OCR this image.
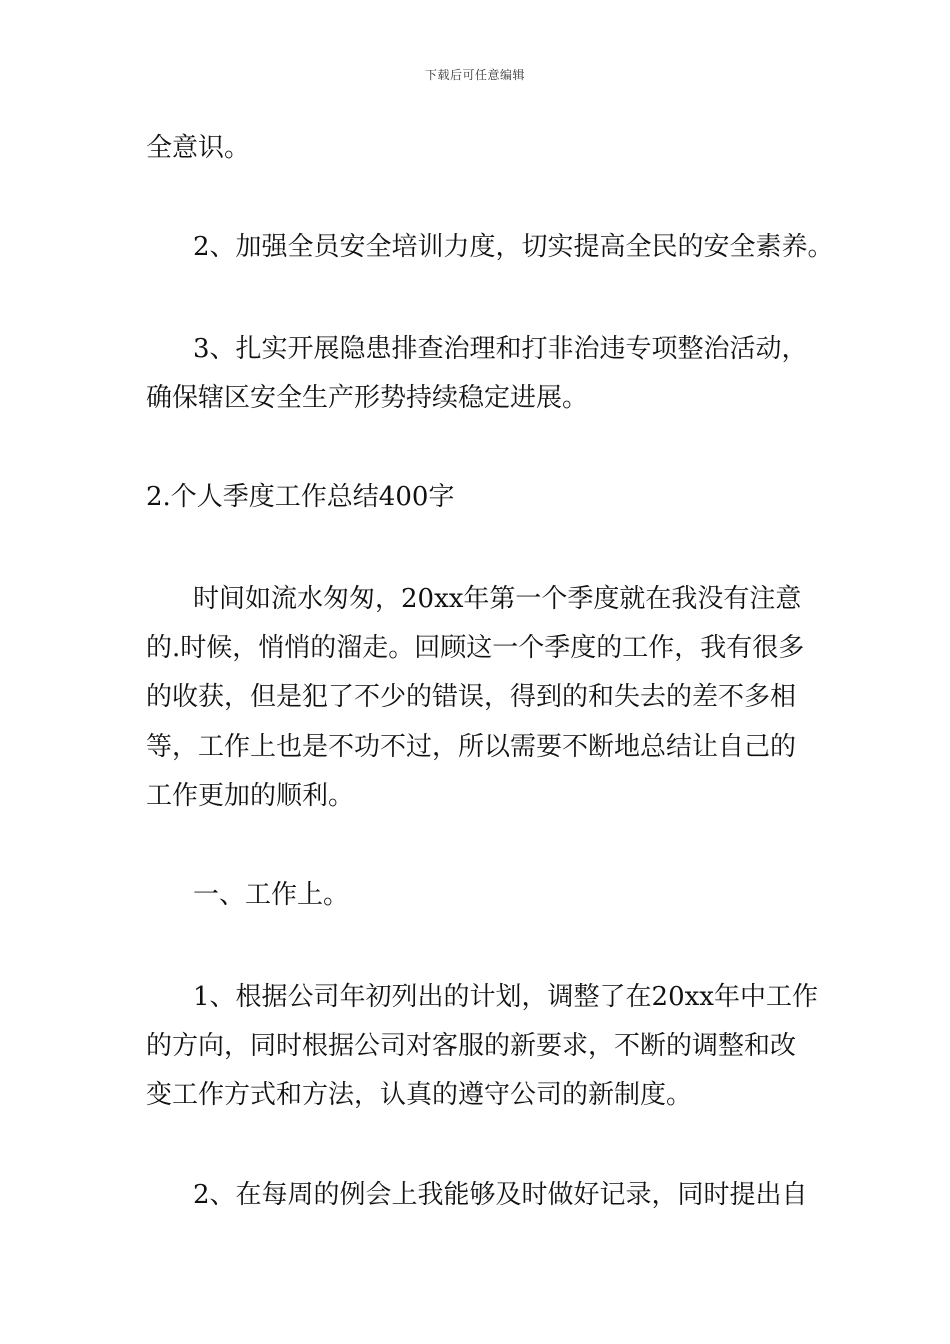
下载后可任意编辑
全意识。
2、加强全员安全培训力度，切实提高全民的安全素养。
3、扎实开展隐患排查治理和打非治违专项整治活动，
确保辖区安全生产形势持续稳定进展。
2.个人季度工作总结400字
时间如流水匆匆，20xx年第一个季度就在我没有注意
的.时候，悄悄的溜走。回顾这一个季度的工作，我有很多
的收获，但是犯了不少的错误，得到的和失去的差不多相
等，工作上也是不功不过，所以需要不断地总结让自己的
工作更加的顺利。
一、工作上。
1、根据公司年初列出的计划，调整了在20xx年中工作
的方向，同时根据公司对客服的新要求，不断的调整和改
变工作方式和方法，认真的遵守公司的新制度。
2、在每周的例会上我能够及时做好记录，同时提出自
